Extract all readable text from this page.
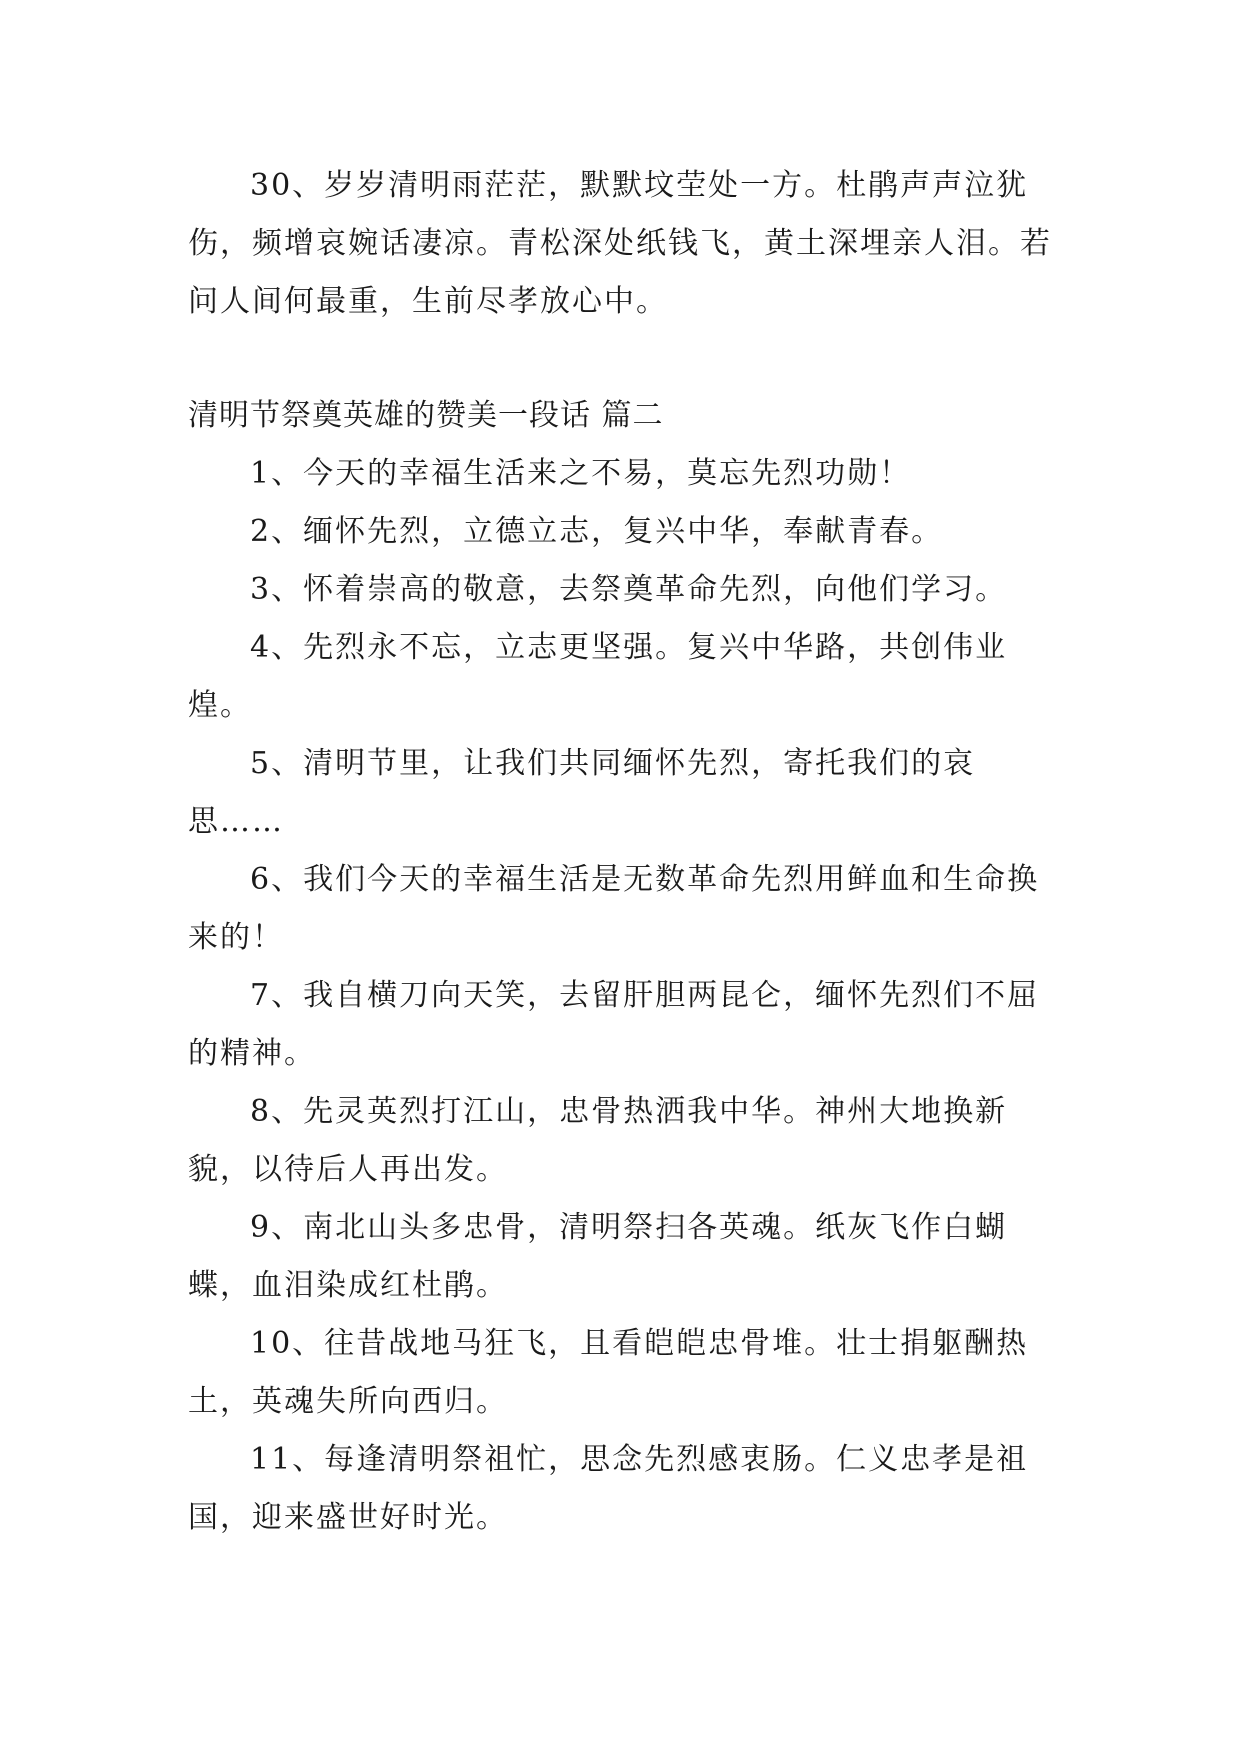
30、岁岁清明雨茫茫，默默坟茔处一方。杜鹃声声泣犹伤，频增哀婉话凄凉。青松深处纸钱飞，黄土深埋亲人泪。若问人间何最重，生前尽孝放心中。

清明节祭奠英雄的赞美一段话 篇二

1、今天的幸福生活来之不易，莫忘先烈功勋！

2、缅怀先烈，立德立志，复兴中华，奉献青春。

3、怀着崇高的敬意，去祭奠革命先烈，向他们学习。

4、先烈永不忘，立志更坚强。复兴中华路，共创伟业煌。

5、清明节里，让我们共同缅怀先烈，寄托我们的哀思……

6、我们今天的幸福生活是无数革命先烈用鲜血和生命换来的！

7、我自横刀向天笑，去留肝胆两昆仑，缅怀先烈们不屈的精神。

8、先灵英烈打江山，忠骨热洒我中华。神州大地换新貌，以待后人再出发。

9、南北山头多忠骨，清明祭扫各英魂。纸灰飞作白蝴蝶，血泪染成红杜鹃。

10、往昔战地马狂飞，且看皑皑忠骨堆。壮士捐躯酬热土，英魂失所向西归。

11、每逢清明祭祖忙，思念先烈感衷肠。仁义忠孝是祖国，迎来盛世好时光。
